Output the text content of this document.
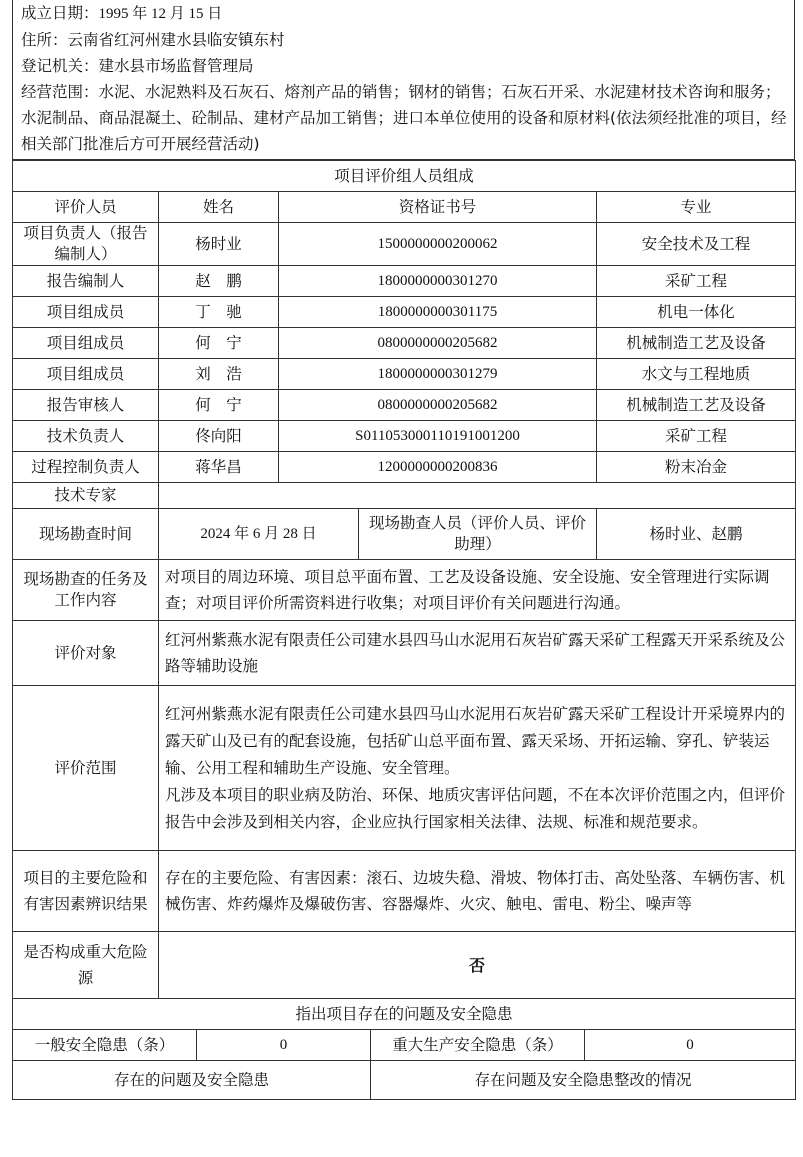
成立日期：1995 年 12 月 15 日

住所：云南省红河州建水县临安镇东村

登记机关：建水县市场监督管理局

经营范围：水泥、水泥熟料及石灰石、熔剂产品的销售；钢材的销售；石灰石开采、水泥建材技术咨询和服务；水泥制品、商品混凝土、砼制品、建材产品加工销售；进口本单位使用的设备和原材料(依法须经批准的项目，经相关部门批准后方可开展经营活动)

项目评价组人员组成			
评价人员	姓名	资格证书号	专业
项目负责人（报告编制人）	杨时业	1500000000200062	安全技术及工程
报告编制人	赵　鹏	1800000000301270	采矿工程
项目组成员	丁　驰	1800000000301175	机电一体化
项目组成员	何　宁	0800000000205682	机械制造工艺及设备
项目组成员	刘　浩	1800000000301279	水文与工程地质
报告审核人	何　宁	0800000000205682	机械制造工艺及设备
技术负责人	佟向阳	S011053000110191001200	采矿工程
过程控制负责人	蒋华昌	1200000000200836	粉末冶金
技术专家			
现场勘查时间	2024 年 6 月 28 日	现场勘查人员（评价人员、评价助理）	杨时业、赵鹏
现场勘查的任务及工作内容	对项目的周边环境、项目总平面布置、工艺及设备设施、安全设施、安全管理进行实际调查；对项目评价所需资料进行收集；对项目评价有关问题进行沟通。		
评价对象	红河州紫燕水泥有限责任公司建水县四马山水泥用石灰岩矿露天采矿工程露天开采系统及公路等辅助设施		
评价范围	红河州紫燕水泥有限责任公司建水县四马山水泥用石灰岩矿露天采矿工程设计开采境界内的露天矿山及已有的配套设施，包括矿山总平面布置、露天采场、开拓运输、穿孔、铲装运输、公用工程和辅助生产设施、安全管理。
凡涉及本项目的职业病及防治、环保、地质灾害评估问题，不在本次评价范围之内，但评价报告中会涉及到相关内容，企业应执行国家相关法律、法规、标准和规范要求。		

项目的主要危险和有害因素辨识结果	存在的主要危险、有害因素：滚石、边坡失稳、滑坡、物体打击、高处坠落、车辆伤害、机械伤害、炸药爆炸及爆破伤害、容器爆炸、火灾、触电、雷电、粉尘、噪声等		
是否构成重大危险源	否		
指出项目存在的问题及安全隐患			
一般安全隐患（条）	0	重大生产安全隐患（条）	0
存在的问题及安全隐患		存在问题及安全隐患整改的情况	
